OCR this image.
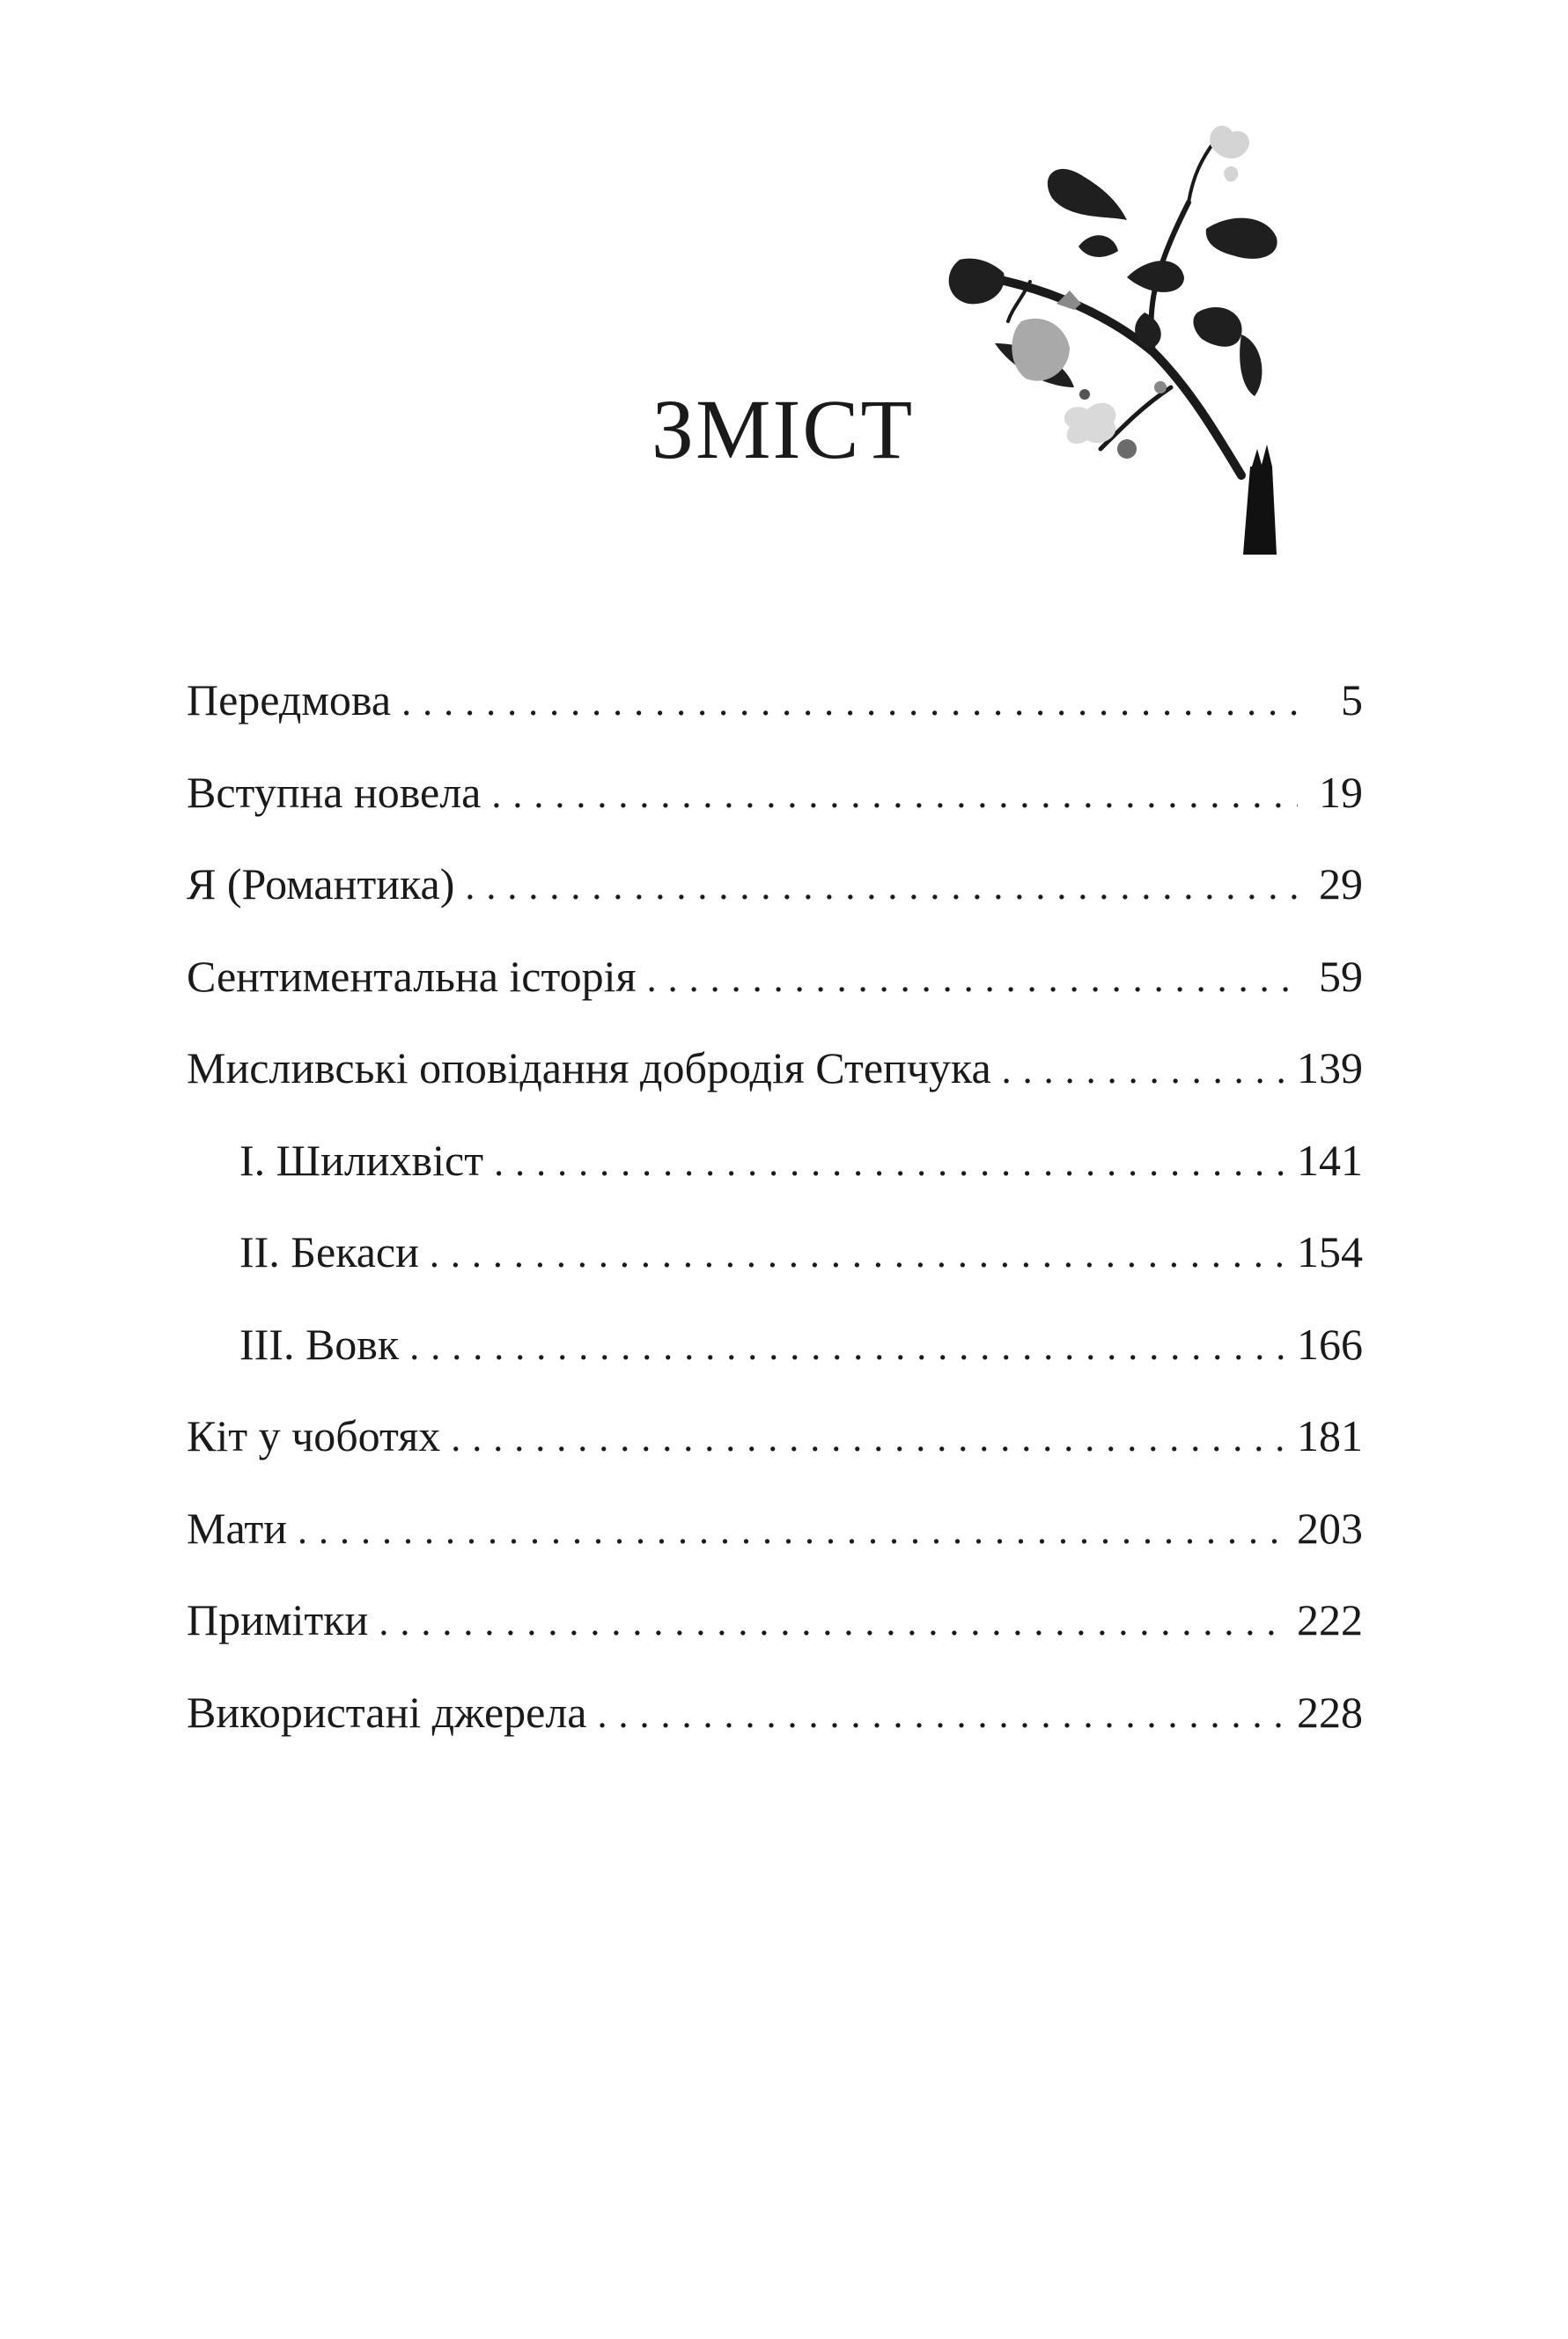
ЗМІСТ
Передмова . . .	5
Вступна новела . . .	19
Я (Романтика) . . .	29
Сентиментальна історія . . .	59
Мисливські оповідання добродія Степчука . . .	139
І. Шилихвіст . . .	141
ІІ. Бекаси . . .	154
ІІІ. Вовк . . .	166
Кіт у чоботях . . .	181
Мати . . .	203
Примітки . . .	222
Використані джерела . . .	228
